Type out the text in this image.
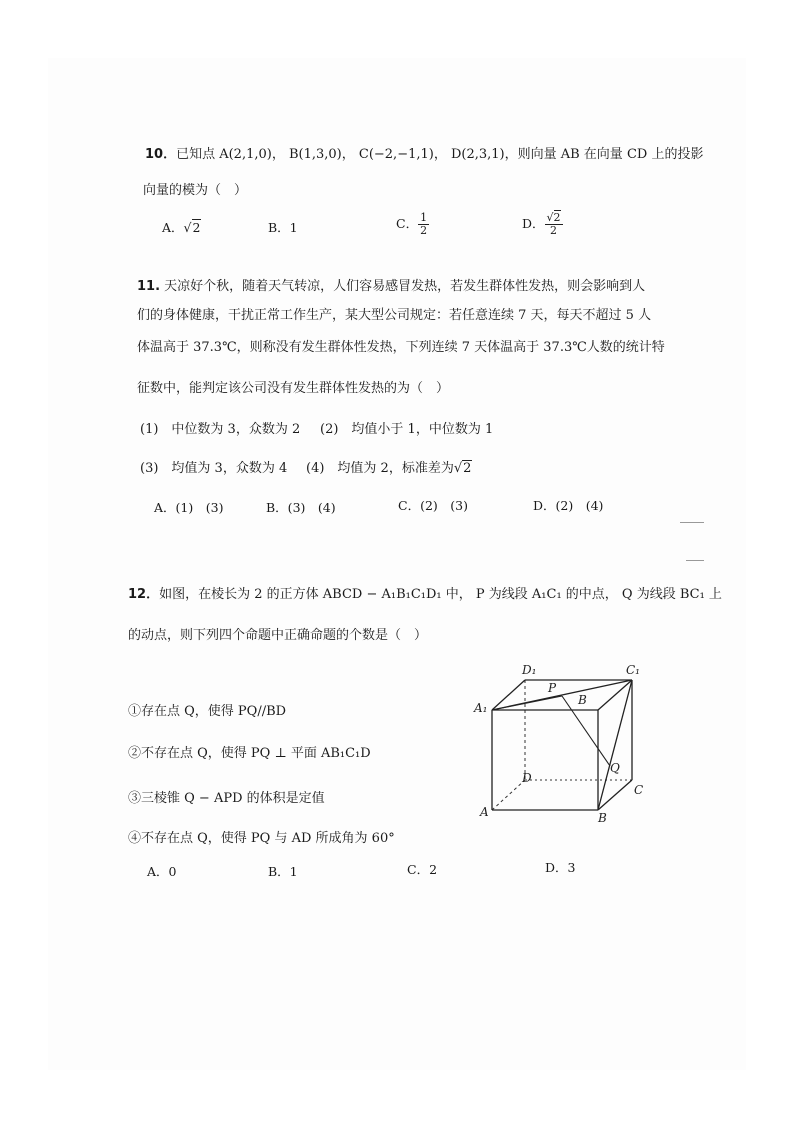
10．已知点 A(2,1,0)， B(1,3,0)， C(−2,−1,1)， D(2,3,1)，则向量 AB 在向量 CD 上的投影
向量的模为（　）
A．√2	B．1	C． $\frac{1}{2}$	D． $\frac{√2}{2}$
11. 天凉好个秋，随着天气转凉，人们容易感冒发热，若发生群体性发热，则会影响到人
们的身体健康，干扰正常工作生产，某大型公司规定：若任意连续 7 天，每天不超过 5 人
体温高于 37.3℃，则称没有发生群体性发热，下列连续 7 天体温高于 37.3℃人数的统计特
征数中，能判定该公司没有发生群体性发热的为（　）
(1)　中位数为 3，众数为 2 (2)　均值小于 1，中位数为 1
(3)　均值为 3，众数为 4 (4)　均值为 2，标准差为√2
A．(1)　(3)	B．(3)　(4)	C．(2)　(3)	D．(2)　(4)
12．如图，在棱长为 2 的正方体 ABCD − A₁B₁C₁D₁ 中， P 为线段 A₁C₁ 的中点， Q 为线段 BC₁ 上
的动点，则下列四个命题中正确命题的个数是（　）
①存在点 Q，使得 PQ//BD
②不存在点 Q，使得 PQ ⊥ 平面 AB₁C₁D
③三棱锥 Q − APD 的体积是定值
④不存在点 Q，使得 PQ 与 AD 所成角为 60°
A．0	B．1	C．2	D．3
D₁	C₁
A₁
B
P
Q
D
C
A	B
